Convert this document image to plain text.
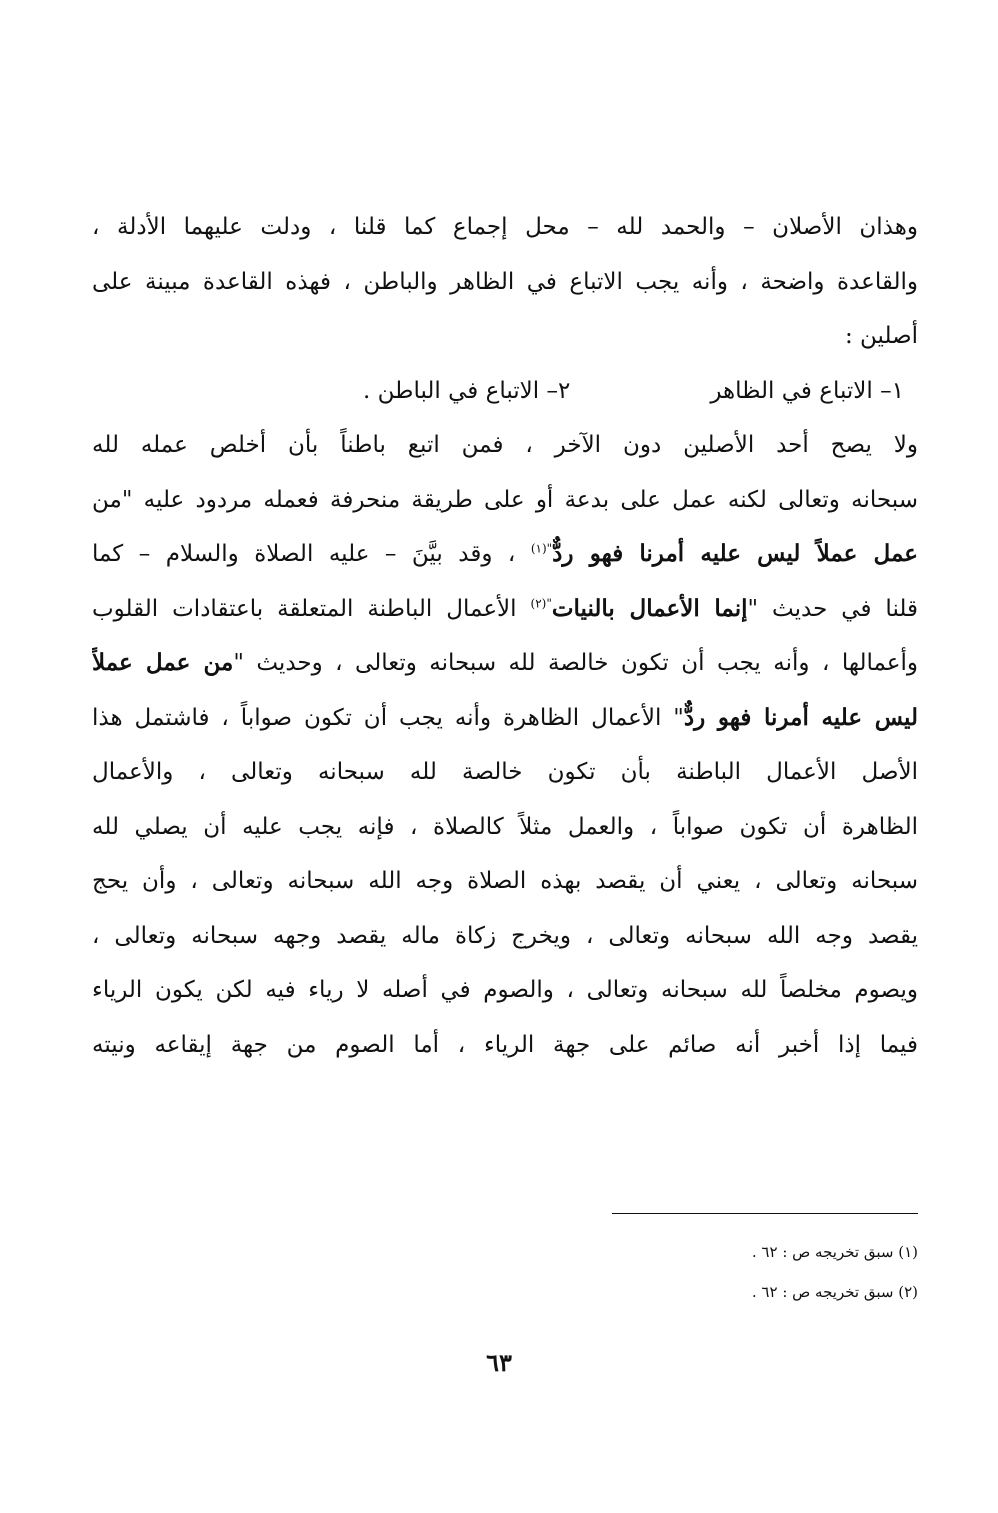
وهذان الأصلان – والحمد لله – محل إجماع كما قلنا ، ودلت عليهما الأدلة ،
والقاعدة واضحة ، وأنه يجب الاتباع في الظاهر والباطن ، فهذه القاعدة مبينة على
أصلين :
١– الاتباع في الظاهر
٢– الاتباع في الباطن .
ولا يصح أحد الأصلين دون الآخر ، فمن اتبع باطناً بأن أخلص عمله لله
سبحانه وتعالى لكنه عمل على بدعة أو على طريقة منحرفة فعمله مردود عليه "من
عمل عملاً ليس عليه أمرنا فهو ردٌّ$^{"(١)}$ ، وقد بيَّنَ – عليه الصلاة والسلام – كما
قلنا في حديث "إنما الأعمال بالنيات$^{"(٢)}$ الأعمال الباطنة المتعلقة باعتقادات القلوب
وأعمالها ، وأنه يجب أن تكون خالصة لله سبحانه وتعالى ، وحديث "من عمل عملاً
ليس عليه أمرنا فهو ردٌّ" الأعمال الظاهرة وأنه يجب أن تكون صواباً ، فاشتمل هذا
الأصل الأعمال الباطنة بأن تكون خالصة لله سبحانه وتعالى ، والأعمال
الظاهرة أن تكون صواباً ، والعمل مثلاً كالصلاة ، فإنه يجب عليه أن يصلي لله
سبحانه وتعالى ، يعني أن يقصد بهذه الصلاة وجه الله سبحانه وتعالى ، وأن يحج
يقصد وجه الله سبحانه وتعالى ، ويخرج زكاة ماله يقصد وجهه سبحانه وتعالى ،
ويصوم مخلصاً لله سبحانه وتعالى ، والصوم في أصله لا رياء فيه لكن يكون الرياء
فيما إذا أخبر أنه صائم على جهة الرياء ، أما الصوم من جهة إيقاعه ونيته
(١) سبق تخريجه ص : ٦٢ .
(٢) سبق تخريجه ص : ٦٢ .
٦٣
